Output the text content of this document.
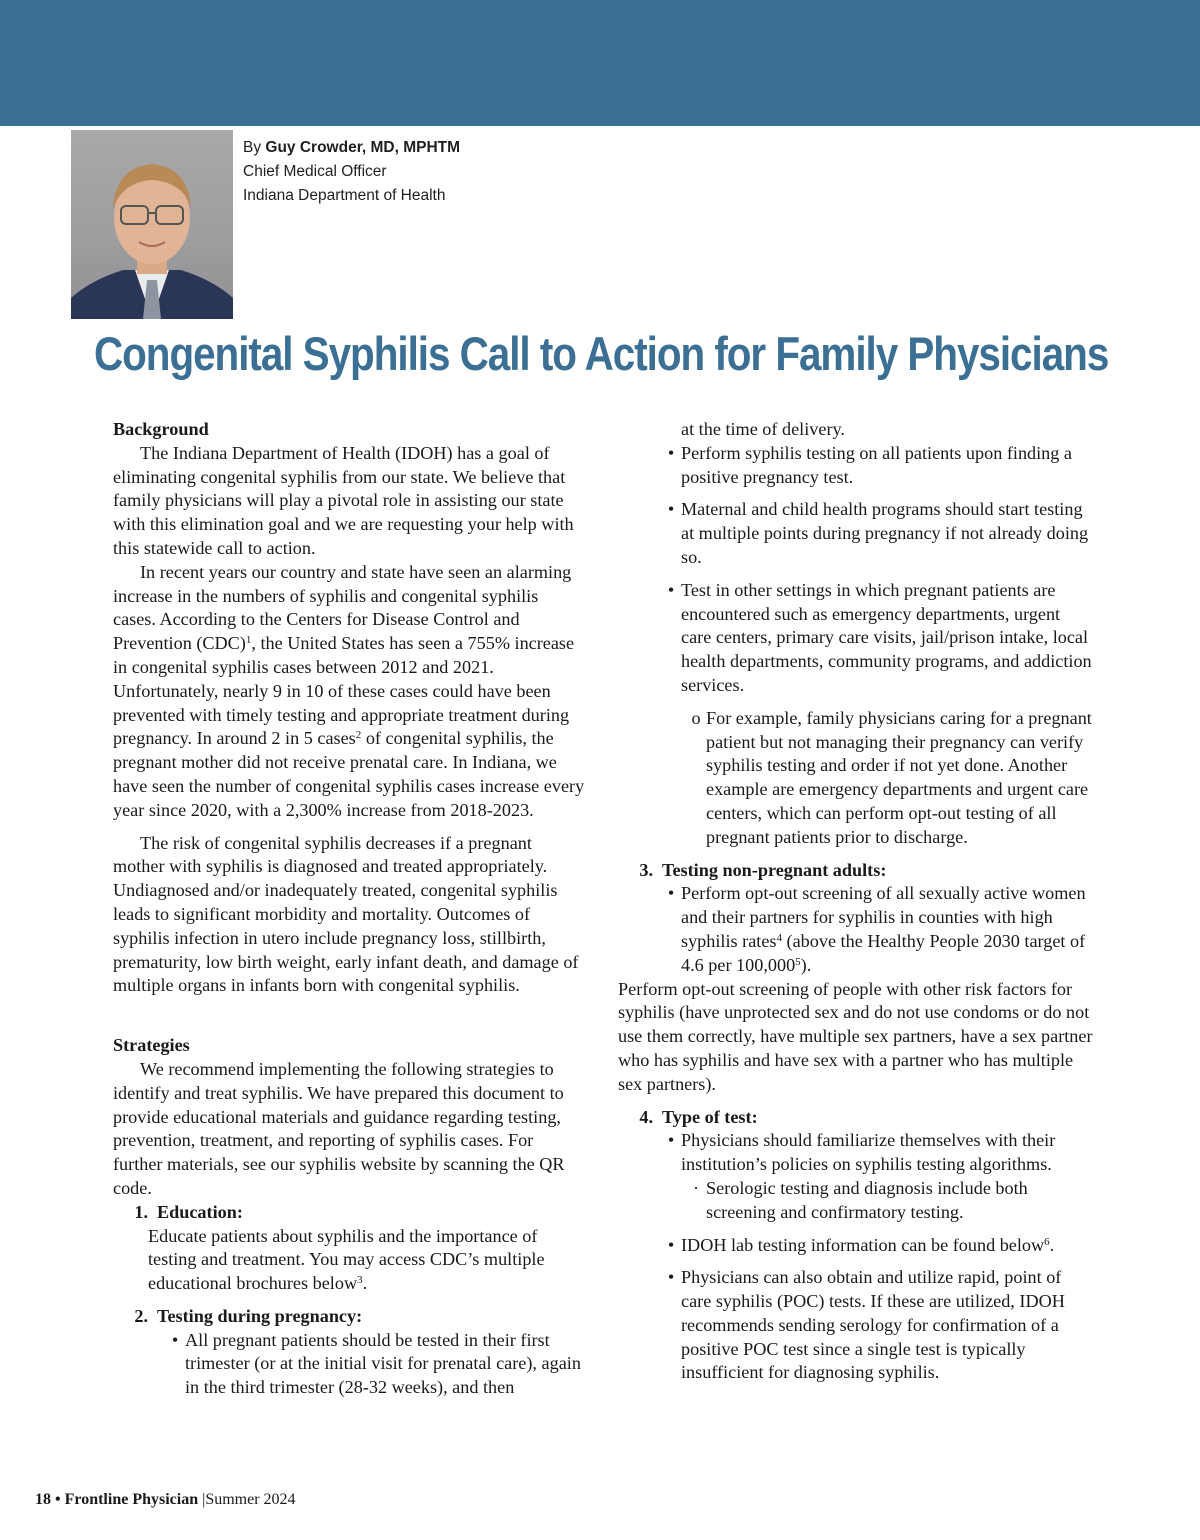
By Guy Crowder, MD, MPHTM
Chief Medical Officer
Indiana Department of Health
Congenital Syphilis Call to Action for Family Physicians
Background

The Indiana Department of Health (IDOH) has a goal of eliminating congenital syphilis from our state. We believe that family physicians will play a pivotal role in assisting our state with this elimination goal and we are requesting your help with this statewide call to action.

In recent years our country and state have seen an alarming increase in the numbers of syphilis and congenital syphilis cases. According to the Centers for Disease Control and Prevention (CDC)$^1$, the United States has seen a 755% increase in congenital syphilis cases between 2012 and 2021. Unfortunately, nearly 9 in 10 of these cases could have been prevented with timely testing and appropriate treatment during pregnancy. In around 2 in 5 cases$^2$ of congenital syphilis, the pregnant mother did not receive prenatal care. In Indiana, we have seen the number of congenital syphilis cases increase every year since 2020, with a 2,300% increase from 2018-2023.

The risk of congenital syphilis decreases if a pregnant mother with syphilis is diagnosed and treated appropriately. Undiagnosed and/or inadequately treated, congenital syphilis leads to significant morbidity and mortality. Outcomes of syphilis infection in utero include pregnancy loss, stillbirth, prematurity, low birth weight, early infant death, and damage of multiple organs in infants born with congenital syphilis.

Strategies

We recommend implementing the following strategies to identify and treat syphilis. We have prepared this document to provide educational materials and guidance regarding testing, prevention, treatment, and reporting of syphilis cases. For further materials, see our syphilis website by scanning the QR code.

1. Education:

Educate patients about syphilis and the importance of testing and treatment. You may access CDC’s multiple educational brochures below$^3$.

2. Testing during pregnancy:
• All pregnant patients should be tested in their first trimester (or at the initial visit for prenatal care), again in the third trimester (28-32 weeks), and then

at the time of delivery.

• Perform syphilis testing on all patients upon finding a positive pregnancy test.
• Maternal and child health programs should start testing at multiple points during pregnancy if not already doing so.
• Test in other settings in which pregnant patients are encountered such as emergency departments, urgent care centers, primary care visits, jail/prison intake, local health departments, community programs, and addiction services.
o For example, family physicians caring for a pregnant patient but not managing their pregnancy can verify syphilis testing and order if not yet done. Another example are emergency departments and urgent care centers, which can perform opt-out testing of all pregnant patients prior to discharge.
3. Testing non-pregnant adults:
• Perform opt-out screening of all sexually active women and their partners for syphilis in counties with high syphilis rates$^4$ (above the Healthy People 2030 target of 4.6 per 100,000$^5$).

Perform opt-out screening of people with other risk factors for syphilis (have unprotected sex and do not use condoms or do not use them correctly, have multiple sex partners, have a sex partner who has syphilis and have sex with a partner who has multiple sex partners).

4. Type of test:
• Physicians should familiarize themselves with their institution’s policies on syphilis testing algorithms.
· Serologic testing and diagnosis include both screening and confirmatory testing.
• IDOH lab testing information can be found below$^6$.
• Physicians can also obtain and utilize rapid, point of care syphilis (POC) tests. If these are utilized, IDOH recommends sending serology for confirmation of a positive POC test since a single test is typically insufficient for diagnosing syphilis.
18 • Frontline Physician |Summer 2024
